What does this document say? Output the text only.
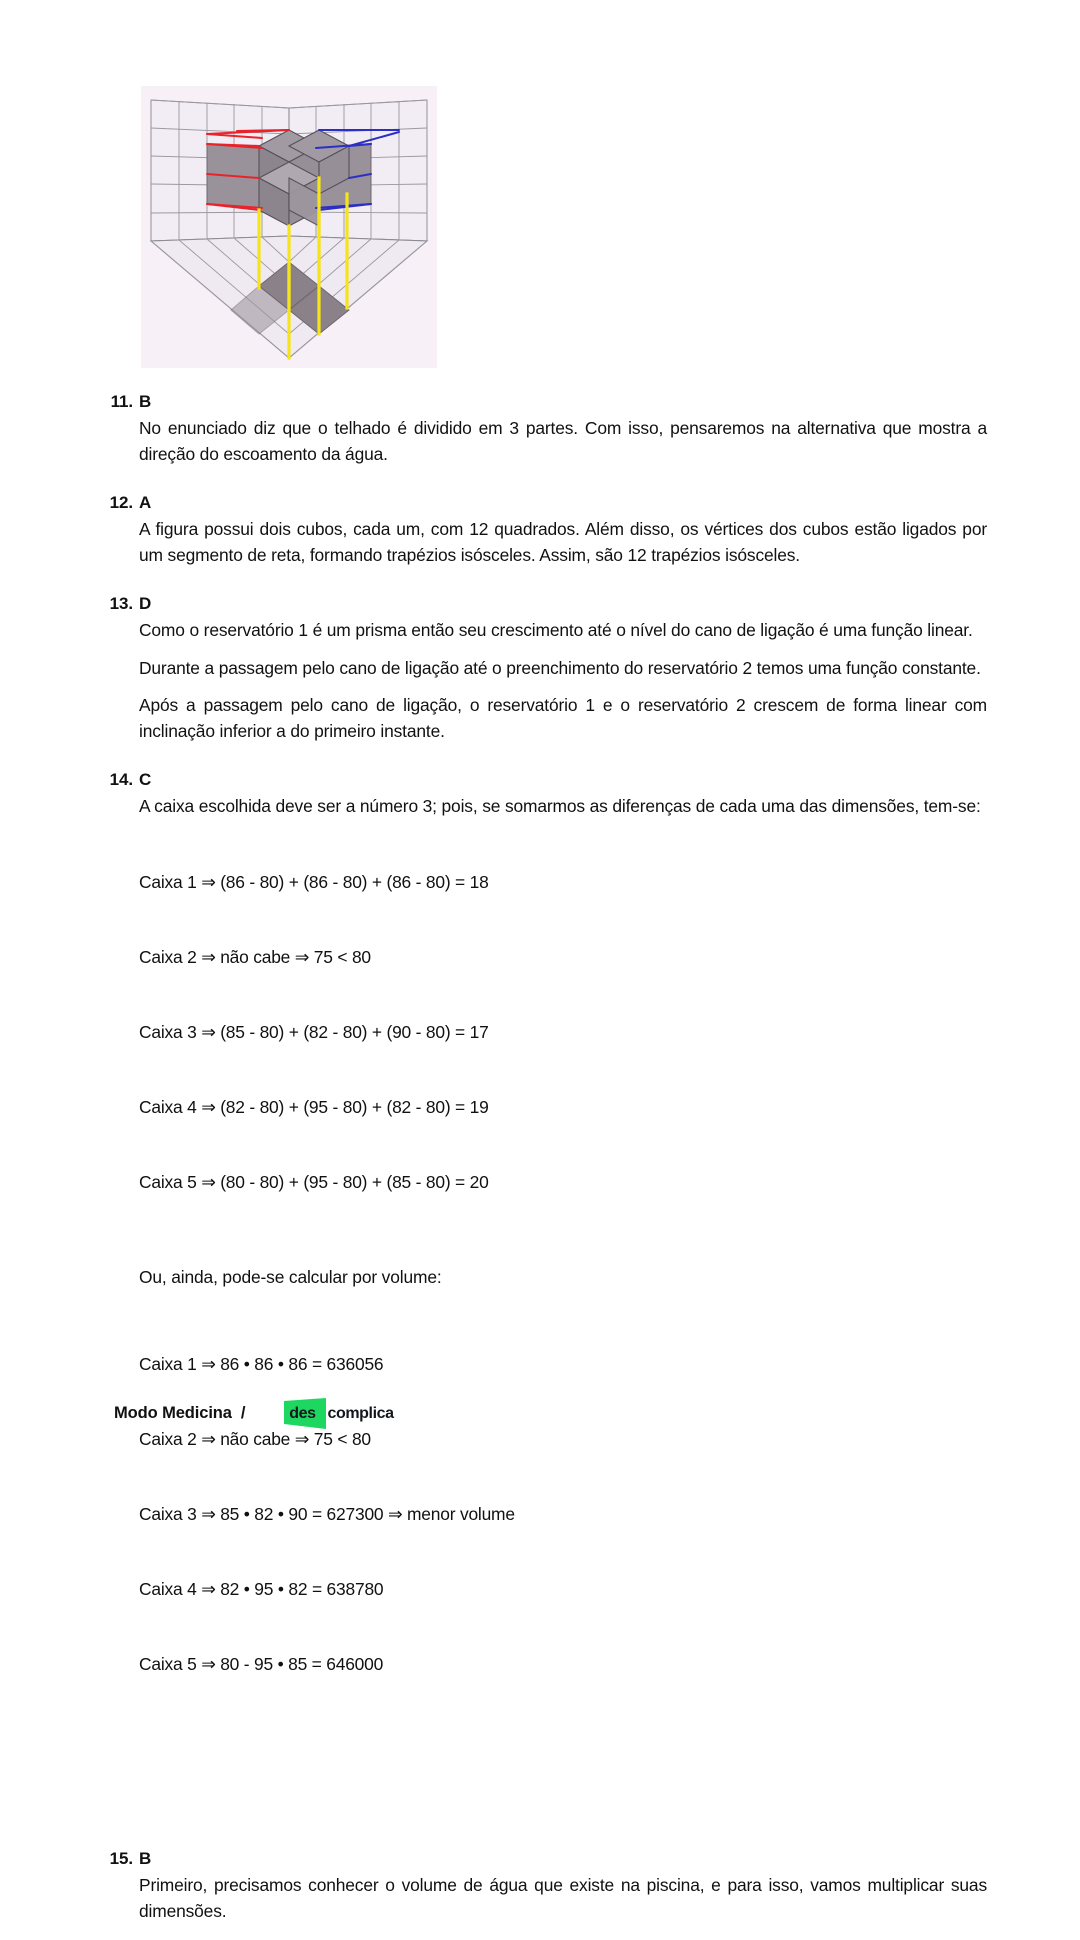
11. B

No enunciado diz que o telhado é dividido em 3 partes. Com isso, pensaremos na alternativa que mostra a direção do escoamento da água.

12. A

A figura possui dois cubos, cada um, com 12 quadrados. Além disso, os vértices dos cubos estão ligados por um segmento de reta, formando trapézios isósceles. Assim, são 12 trapézios isósceles.

13. D

Como o reservatório 1 é um prisma então seu crescimento até o nível do cano de ligação é uma função linear.

Durante a passagem pelo cano de ligação até o preenchimento do reservatório 2 temos uma função constante.

Após a passagem pelo cano de ligação, o reservatório 1 e o reservatório 2 crescem de forma linear com inclinação inferior a do primeiro instante.

14. C

A caixa escolhida deve ser a número 3; pois, se somarmos as diferenças de cada uma das dimensões, tem-se:

Caixa 1 ⇒ (86 - 80) + (86 - 80) + (86 - 80) = 18

Caixa 2 ⇒ não cabe ⇒ 75 < 80

Caixa 3 ⇒ (85 - 80) + (82 - 80) + (90 - 80) = 17

Caixa 4 ⇒ (82 - 80) + (95 - 80) + (82 - 80) = 19

Caixa 5 ⇒ (80 - 80) + (95 - 80) + (85 - 80) = 20

Ou, ainda, pode-se calcular por volume:

Caixa 1 ⇒ 86 • 86 • 86 = 636056

Caixa 2 ⇒ não cabe ⇒ 75 < 80

Caixa 3 ⇒ 85 • 82 • 90 = 627300 ⇒ menor volume

Caixa 4 ⇒ 82 • 95 • 82 = 638780

Caixa 5 ⇒ 80 - 95 • 85 = 646000

15. B

Primeiro, precisamos conhecer o volume de água que existe na piscina, e para isso, vamos multiplicar suas dimensões.

Modo Medicina /	des complica
